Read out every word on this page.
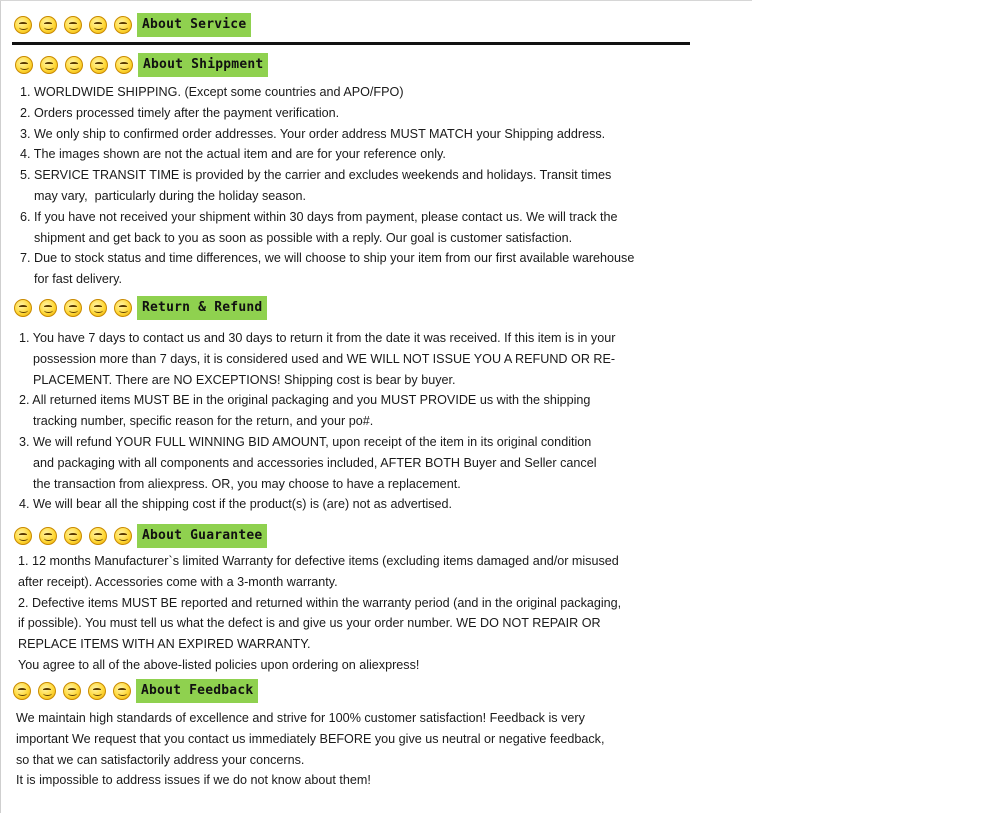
About Service
About Shippment
1. WORLDWIDE SHIPPING. (Except some countries and APO/FPO)
2. Orders processed timely after the payment verification.
3. We only ship to confirmed order addresses. Your order address MUST MATCH your Shipping address.
4. The images shown are not the actual item and are for your reference only.
5. SERVICE TRANSIT TIME is provided by the carrier and excludes weekends and holidays. Transit times
may vary,  particularly during the holiday season.
6. If you have not received your shipment within 30 days from payment, please contact us. We will track the
shipment and get back to you as soon as possible with a reply. Our goal is customer satisfaction.
7. Due to stock status and time differences, we will choose to ship your item from our first available warehouse
for fast delivery.
Return & Refund
1. You have 7 days to contact us and 30 days to return it from the date it was received. If this item is in your
possession more than 7 days, it is considered used and WE WILL NOT ISSUE YOU A REFUND OR RE-
PLACEMENT. There are NO EXCEPTIONS! Shipping cost is bear by buyer.
2. All returned items MUST BE in the original packaging and you MUST PROVIDE us with the shipping
tracking number, specific reason for the return, and your po#.
3. We will refund YOUR FULL WINNING BID AMOUNT, upon receipt of the item in its original condition
and packaging with all components and accessories included, AFTER BOTH Buyer and Seller cancel
the transaction from aliexpress. OR, you may choose to have a replacement.
4. We will bear all the shipping cost if the product(s) is (are) not as advertised.
About Guarantee
1. 12 months Manufacturer`s limited Warranty for defective items (excluding items damaged and/or misused
after receipt). Accessories come with a 3-month warranty.
2. Defective items MUST BE reported and returned within the warranty period (and in the original packaging,
if possible). You must tell us what the defect is and give us your order number. WE DO NOT REPAIR OR
REPLACE ITEMS WITH AN EXPIRED WARRANTY.
You agree to all of the above-listed policies upon ordering on aliexpress!
About Feedback
We maintain high standards of excellence and strive for 100% customer satisfaction! Feedback is very
important We request that you contact us immediately BEFORE you give us neutral or negative feedback,
so that we can satisfactorily address your concerns.
It is impossible to address issues if we do not know about them!
